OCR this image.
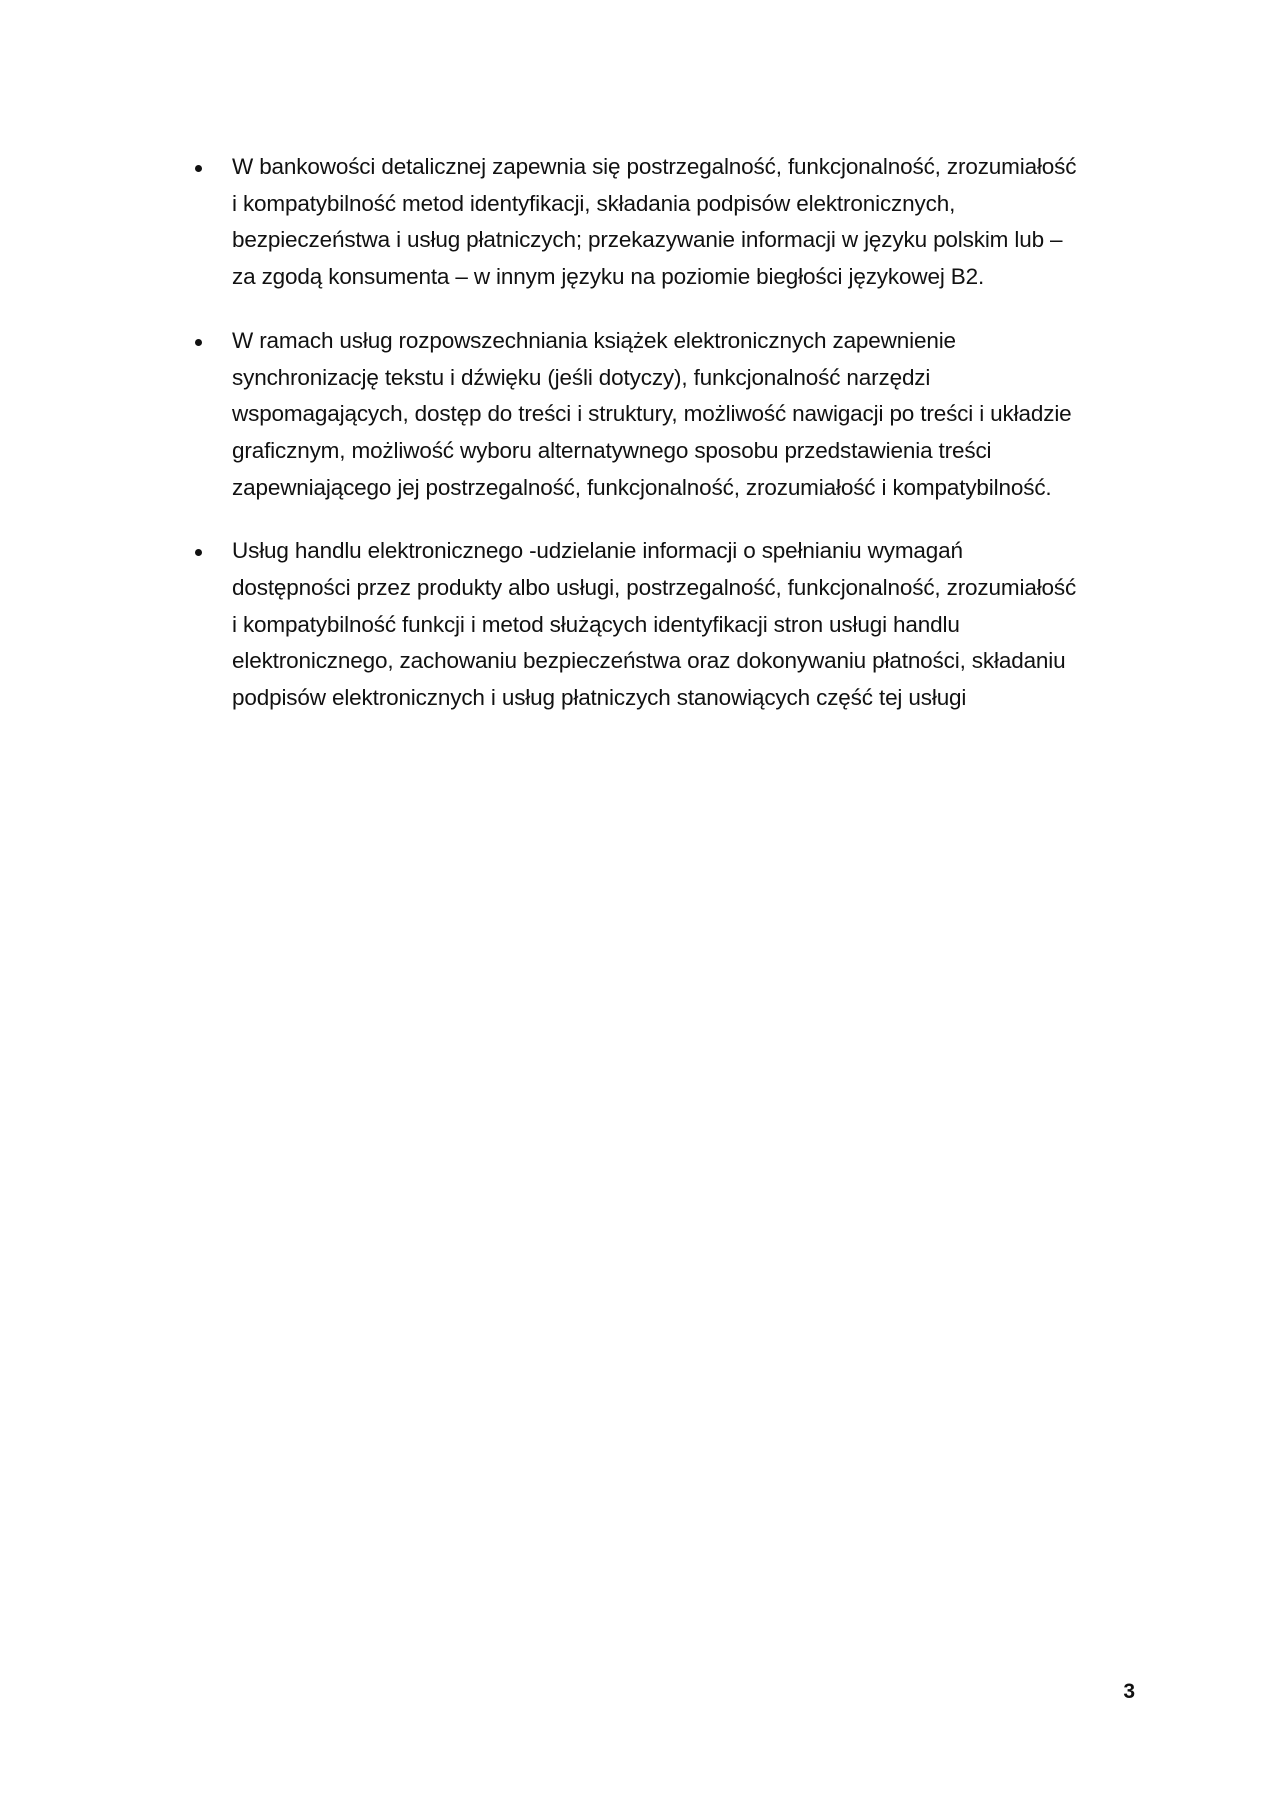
W bankowości detalicznej zapewnia się postrzegalność, funkcjonalność, zrozumiałość
i kompatybilność metod identyfikacji, składania podpisów elektronicznych,
bezpieczeństwa i usług płatniczych; przekazywanie informacji w języku polskim lub –
za zgodą konsumenta – w innym języku na poziomie biegłości językowej B2.
W ramach usług rozpowszechniania książek elektronicznych zapewnienie
synchronizację tekstu i dźwięku (jeśli dotyczy), funkcjonalność narzędzi
wspomagających, dostęp do treści i struktury, możliwość nawigacji po treści i układzie
graficznym, możliwość wyboru alternatywnego sposobu przedstawienia treści
zapewniającego jej postrzegalność, funkcjonalność, zrozumiałość i kompatybilność.
Usług handlu elektronicznego -udzielanie informacji o spełnianiu wymagań
dostępności przez produkty albo usługi, postrzegalność, funkcjonalność, zrozumiałość
i kompatybilność funkcji i metod służących identyfikacji stron usługi handlu
elektronicznego, zachowaniu bezpieczeństwa oraz dokonywaniu płatności, składaniu
podpisów elektronicznych i usług płatniczych stanowiących część tej usługi
3
